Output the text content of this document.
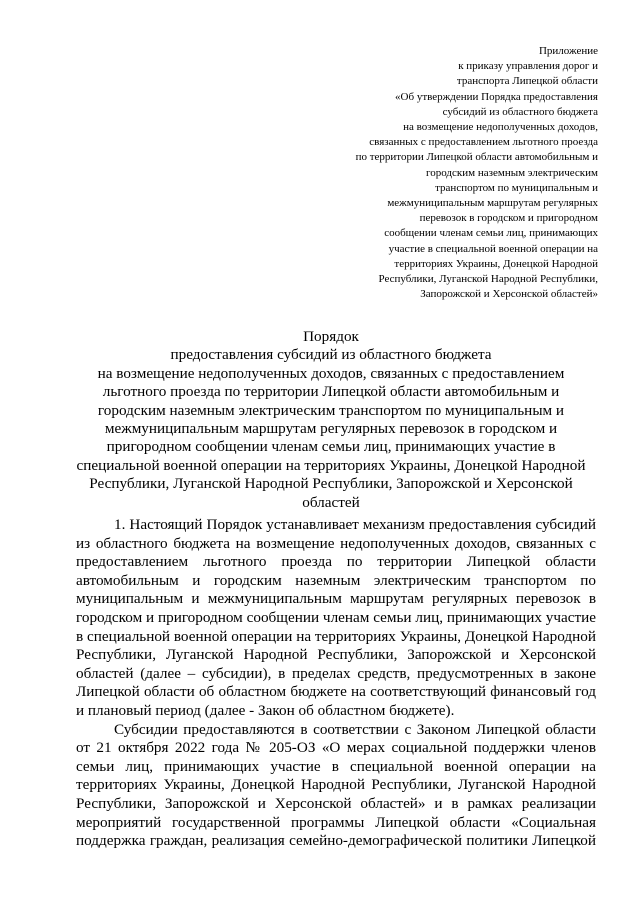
Приложение
к приказу управления дорог и
транспорта Липецкой области
«Об утверждении Порядка предоставления
субсидий из областного бюджета
на возмещение недополученных доходов,
связанных с предоставлением льготного проезда
по территории Липецкой области автомобильным и
городским наземным электрическим
транспортом по муниципальным и
межмуниципальным маршрутам регулярных
перевозок в городском и пригородном
сообщении членам семьи лиц, принимающих
участие в специальной военной операции на
территориях Украины, Донецкой Народной
Республики, Луганской Народной Республики,
Запорожской и Херсонской областей»
Порядок
предоставления субсидий из областного бюджета
на возмещение недополученных доходов, связанных с предоставлением
льготного проезда по территории Липецкой области автомобильным и
городским наземным электрическим транспортом по муниципальным и
межмуниципальным маршрутам регулярных перевозок в городском и
пригородном сообщении членам семьи лиц, принимающих участие в
специальной военной операции на территориях Украины, Донецкой Народной
Республики, Луганской Народной Республики, Запорожской и Херсонской
областей
1. Настоящий Порядок устанавливает механизм предоставления субсидий
из областного бюджета на возмещение недополученных доходов, связанных с
предоставлением льготного проезда по территории Липецкой области
автомобильным и городским наземным электрическим транспортом по
муниципальным и межмуниципальным маршрутам регулярных перевозок в
городском и пригородном сообщении членам семьи лиц, принимающих участие
в специальной военной операции на территориях Украины, Донецкой Народной
Республики, Луганской Народной Республики, Запорожской и Херсонской
областей (далее – субсидии), в пределах средств, предусмотренных в законе
Липецкой области об областном бюджете на соответствующий финансовый год
и плановый период (далее - Закон об областном бюджете).
Субсидии предоставляются в соответствии с Законом Липецкой области
от 21 октября 2022 года № 205-ОЗ «О мерах социальной поддержки членов
семьи лиц, принимающих участие в специальной военной операции на
территориях Украины, Донецкой Народной Республики, Луганской Народной
Республики, Запорожской и Херсонской областей» и в рамках реализации
мероприятий государственной программы Липецкой области «Социальная
поддержка граждан, реализация семейно-демографической политики Липецкой
